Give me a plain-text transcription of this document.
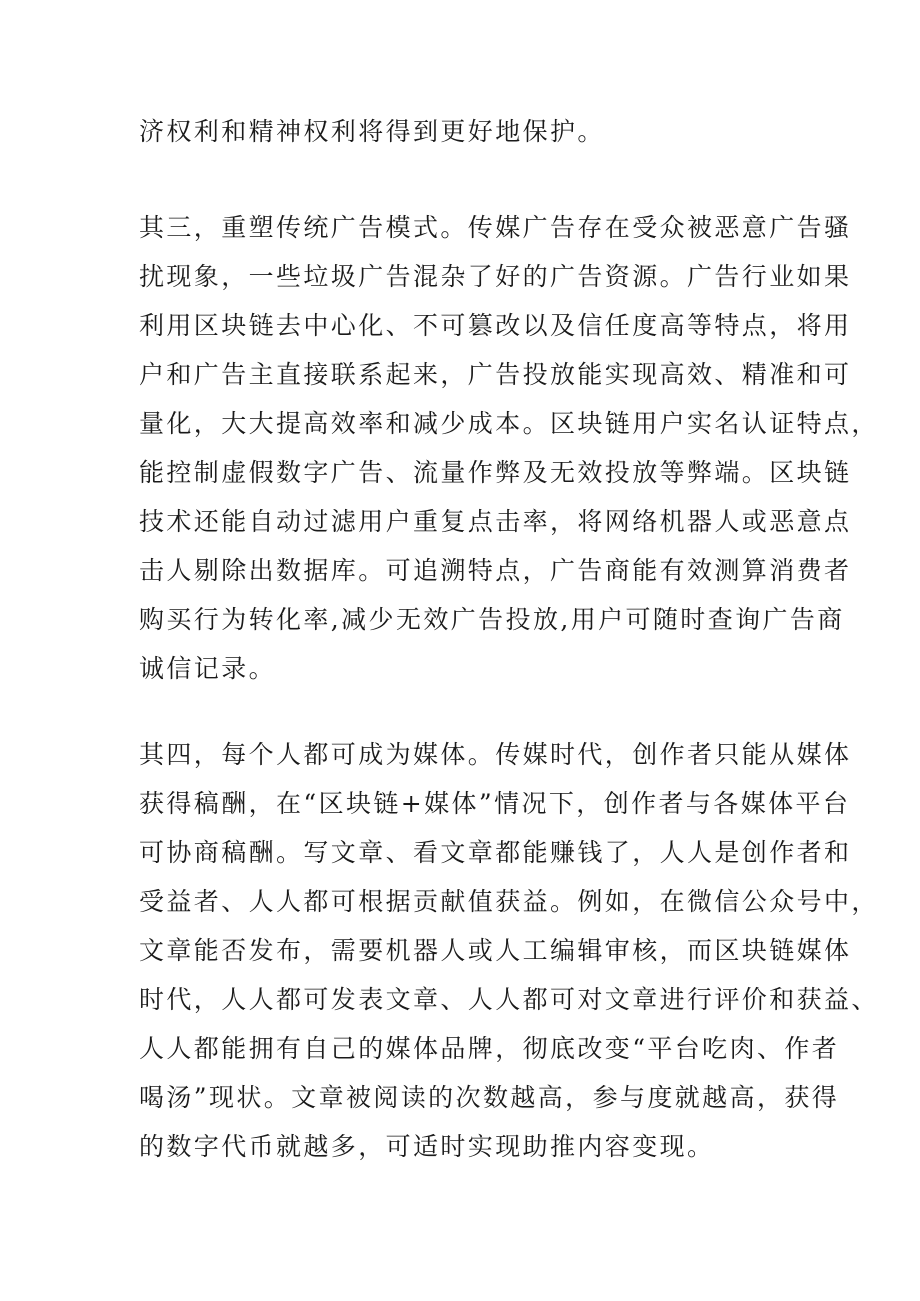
济权利和精神权利将得到更好地保护。

其三，重塑传统广告模式。传媒广告存在受众被恶意广告骚

扰现象，一些垃圾广告混杂了好的广告资源。广告行业如果

利用区块链去中心化、不可篡改以及信任度高等特点，将用

户和广告主直接联系起来，广告投放能实现高效、精准和可

量化，大大提高效率和减少成本。区块链用户实名认证特点，

能控制虚假数字广告、流量作弊及无效投放等弊端。区块链

技术还能自动过滤用户重复点击率，将网络机器人或恶意点

击人剔除出数据库。可追溯特点，广告商能有效测算消费者

购买行为转化率,减少无效广告投放,用户可随时查询广告商

诚信记录。

其四，每个人都可成为媒体。传媒时代，创作者只能从媒体

获得稿酬，在“区块链+媒体”情况下，创作者与各媒体平台

可协商稿酬。写文章、看文章都能赚钱了，人人是创作者和

受益者、人人都可根据贡献值获益。例如，在微信公众号中，

文章能否发布，需要机器人或人工编辑审核，而区块链媒体

时代，人人都可发表文章、人人都可对文章进行评价和获益、

人人都能拥有自己的媒体品牌，彻底改变“平台吃肉、作者

喝汤”现状。文章被阅读的次数越高，参与度就越高，获得

的数字代币就越多，可适时实现助推内容变现。
